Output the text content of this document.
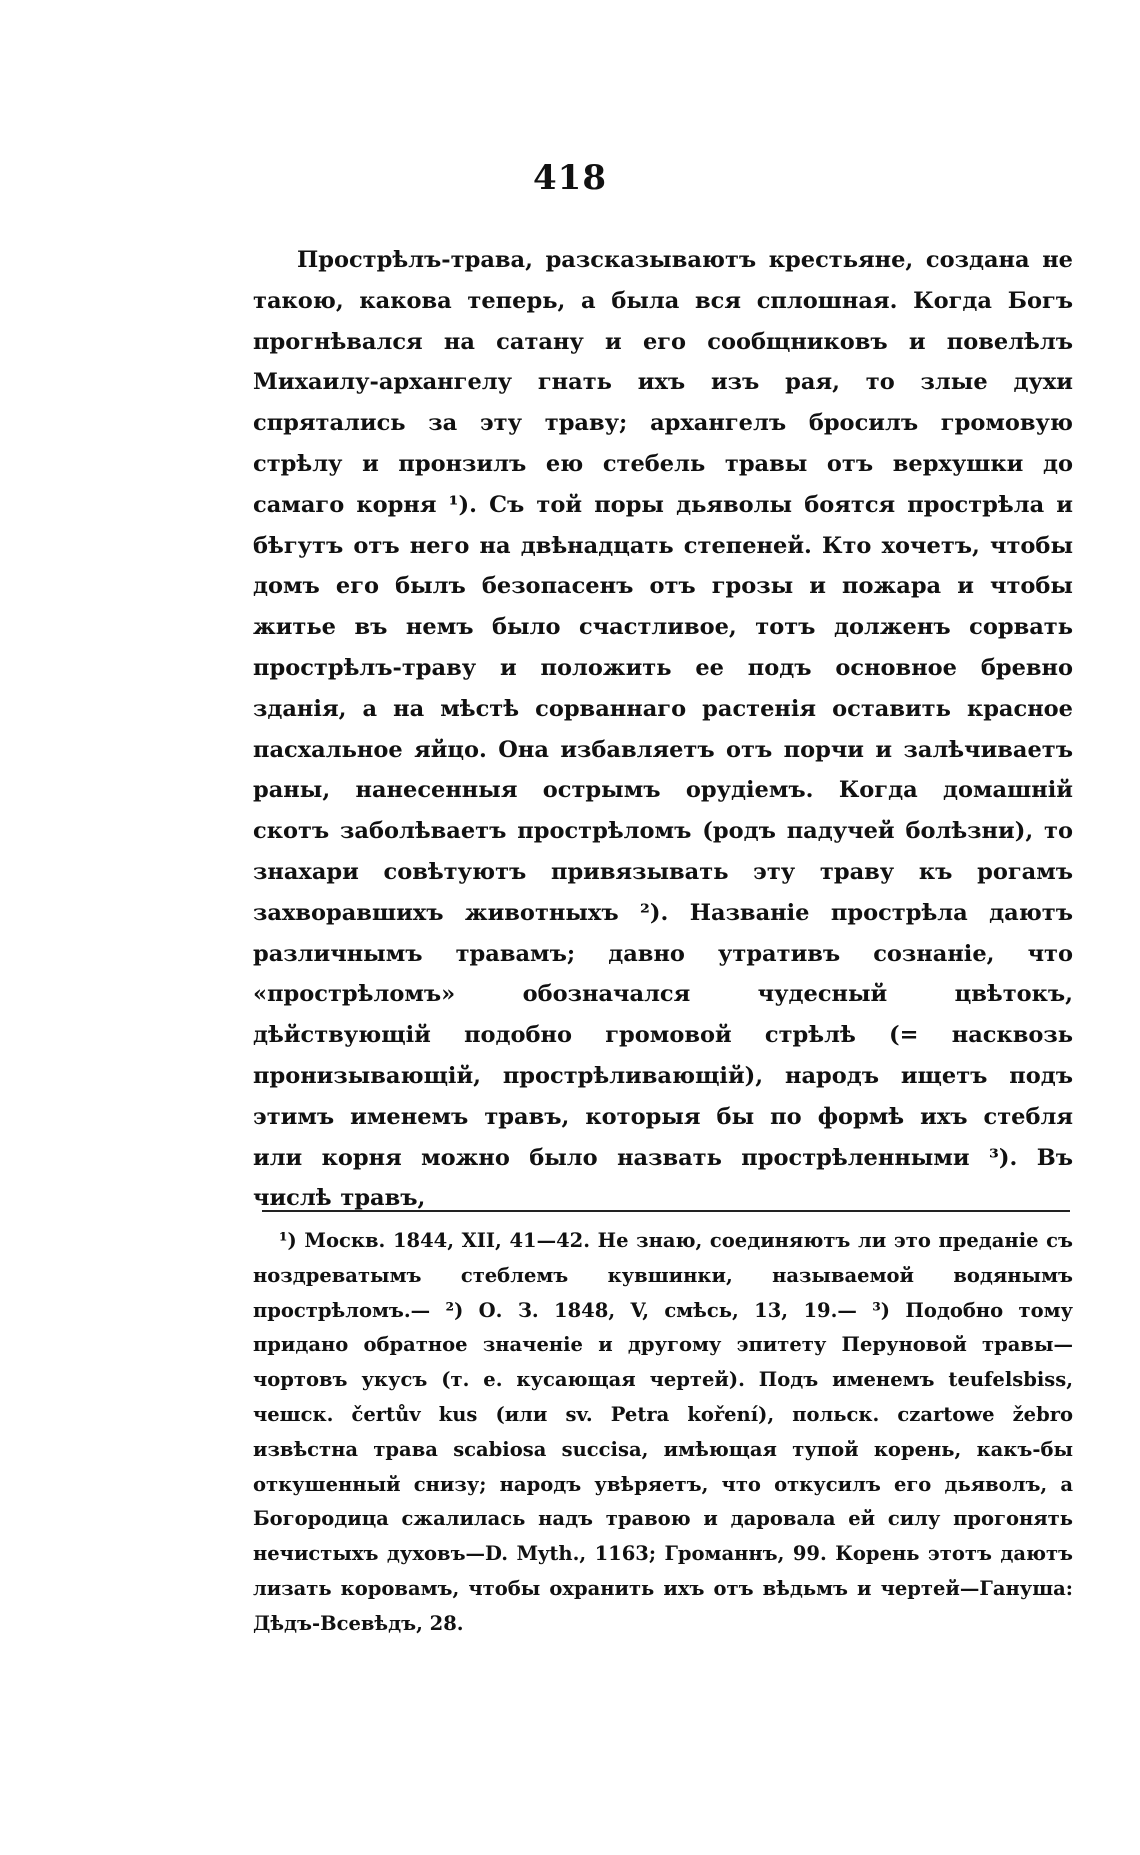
418

Прострѣлъ-трава, разсказываютъ крестьяне, создана не такою, какова теперь, а была вся сплошная. Когда Богъ прогнѣвался на сатану и его сообщниковъ и повелѣлъ Михаилу-архангелу гнать ихъ изъ рая, то злые духи спрятались за эту траву; архангелъ бросилъ громовую стрѣлу и пронзилъ ею стебель травы отъ верхушки до самаго корня ¹). Съ той поры дьяволы боятся прострѣла и бѣгутъ отъ него на двѣнадцать степеней. Кто хочетъ, чтобы домъ его былъ безопасенъ отъ грозы и пожара и чтобы житье въ немъ было счастливое, тотъ долженъ сорвать прострѣлъ-траву и положить ее подъ основное бревно зданія, а на мѣстѣ сорваннаго растенія оставить красное пасхальное яйцо. Она избавляетъ отъ порчи и залѣчиваетъ раны, нанесенныя острымъ орудіемъ. Когда домашній скотъ заболѣваетъ прострѣломъ (родъ падучей болѣзни), то знахари совѣтуютъ привязывать эту траву къ рогамъ захворавшихъ животныхъ ²). Названіе прострѣла даютъ различнымъ травамъ; давно утративъ сознаніе, что «прострѣломъ» обозначался чудесный цвѣтокъ, дѣйствующій подобно громовой стрѣлѣ (= насквозь пронизывающій, прострѣливающій), народъ ищетъ подъ этимъ именемъ травъ, которыя бы по формѣ ихъ стебля или корня можно было назвать прострѣленными ³). Въ числѣ травъ,

¹) Москв. 1844, XII, 41—42. Не знаю, соединяютъ ли это преданіе съ ноздреватымъ стеблемъ кувшинки, называемой водянымъ прострѣломъ.— ²) О. З. 1848, V, смѣсь, 13, 19.— ³) Подобно тому придано обратное значеніе и другому эпитету Перуновой травы—чортовъ укусъ (т. е. кусающая чертей). Подъ именемъ teufelsbiss, чешск. čertův kus (или sv. Petra koření), польск. czartowe žebro извѣстна трава scabiosa succisa, имѣющая тупой корень, какъ-бы откушенный снизу; народъ увѣряетъ, что откусилъ его дьяволъ, а Богородица сжалилась надъ травою и даровала ей силу прогонять нечистыхъ духовъ—D. Myth., 1163; Громаннъ, 99. Корень этотъ даютъ лизать коровамъ, чтобы охранить ихъ отъ вѣдьмъ и чертей—Гануша: Дѣдъ-Всевѣдъ, 28.
